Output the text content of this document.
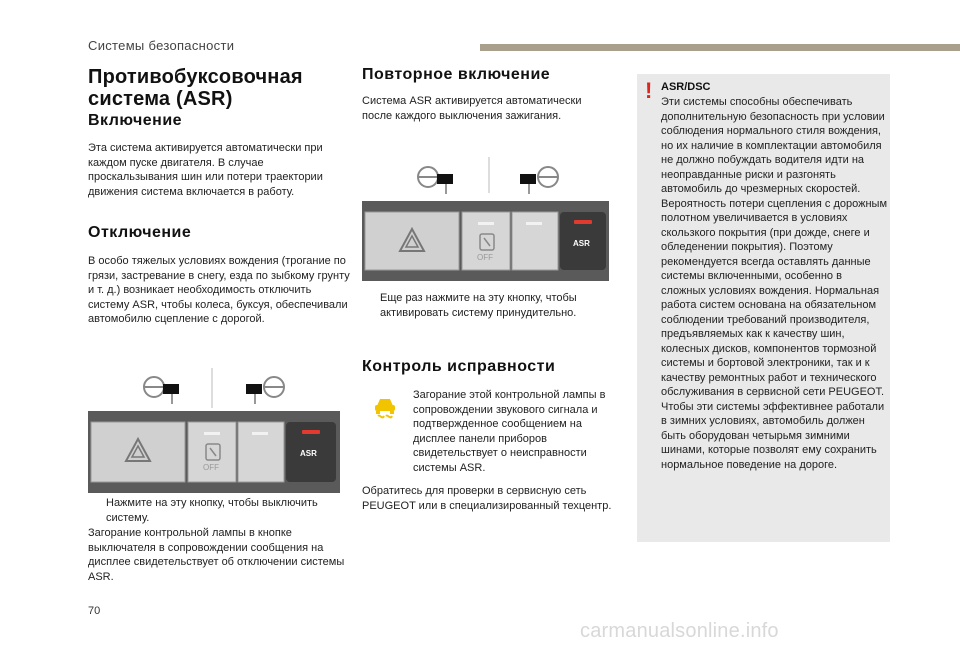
Системы безопасности
Противобуксовочная система (ASR)
Включение

Эта система активируется автоматически при каждом пуске двигателя. В случае проскальзывания шин или потери траектории движения система включается в работу.

Отключение

В особо тяжелых условиях вождения (трогание по грязи, застревание в снегу, езда по зыбкому грунту и т. д.) возникает необходимость отключить систему ASR, чтобы колеса, буксуя, обеспечивали автомобилю сцепление с дорогой.

OFF
ASR

Нажмите на эту кнопку, чтобы выключить систему.

Загорание контрольной лампы в кнопке выключателя в сопровождении сообщения на дисплее свидетельствует об отключении системы ASR.

Повторное включение

Система ASR активируется автоматически после каждого выключения зажигания.

OFF
ASR

Еще раз нажмите на эту кнопку, чтобы активировать систему принудительно.

Контроль исправности

Загорание этой контрольной лампы в сопровождении звукового сигнала и подтвержденное сообщением на дисплее панели приборов свидетельствует о неисправности системы ASR.

Обратитесь для проверки в сервисную сеть PEUGEOT или в специализированный техцентр.

! ASR/DSC
Эти системы способны обеспечивать дополнительную безопасность при условии соблюдения нормального стиля вождения, но их наличие в комплектации автомобиля не должно побуждать водителя идти на неоправданные риски и разгонять автомобиль до чрезмерных скоростей. Вероятность потери сцепления с дорожным полотном увеличивается в условиях скользкого покрытия (при дожде, снеге и обледенении покрытия). Поэтому рекомендуется всегда оставлять данные системы включенными, особенно в сложных условиях вождения. Нормальная работа систем основана на обязательном соблюдении требований производителя, предъявляемых как к качеству шин, колесных дисков, компонентов тормозной системы и бортовой электроники, так и к качеству ремонтных работ и технического обслуживания в сервисной сети PEUGEOT. Чтобы эти системы эффективнее работали в зимних условиях, автомобиль должен быть оборудован четырьмя зимними шинами, которые позволят ему сохранить нормальное поведение на дороге.
70
carmanualsonline.info
